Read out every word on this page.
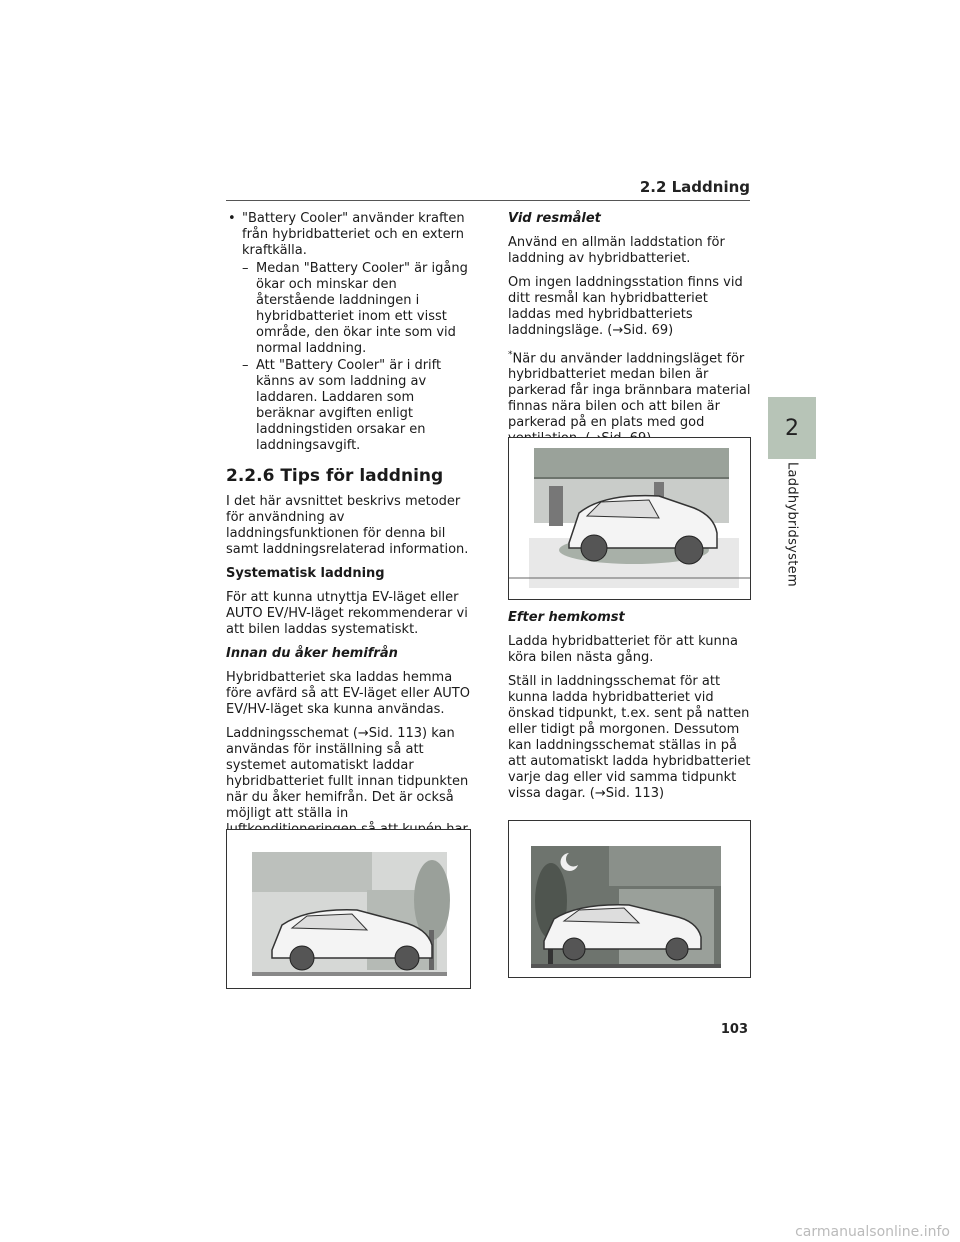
2.2 Laddning
2
Laddhybridsystem
• "Battery Cooler" använder kraften från hybridbatteriet och en extern kraftkälla.
– Medan "Battery Cooler" är igång ökar och minskar den återstående laddningen i hybridbatteriet inom ett visst område, den ökar inte som vid normal laddning.
– Att "Battery Cooler" är i drift känns av som laddning av laddaren. Laddaren som beräknar avgiften enligt laddningstiden orsakar en laddningsavgift.
2.2.6 Tips för laddning

I det här avsnittet beskrivs metoder för användning av laddningsfunktionen för denna bil samt laddningsrelaterad information.

Systematisk laddning

För att kunna utnyttja EV-läget eller AUTO EV/HV-läget rekommenderar vi att bilen laddas systematiskt.

Innan du åker hemifrån

Hybridbatteriet ska laddas hemma före avfärd så att EV-läget eller AUTO EV/HV-läget ska kunna användas.

Laddningsschemat (→Sid. 113) kan användas för inställning så att systemet automatiskt laddar hybridbatteriet fullt innan tidpunkten när du åker hemifrån. Det är också möjligt att ställa in

Vid resmålet

Använd en allmän laddstation för laddning av hybridbatteriet.

Om ingen laddningsstation finns vid ditt resmål kan hybridbatteriet laddas med hybridbatteriets laddningsläge. (→Sid. 69)

*När du använder laddningsläget för hybridbatteriet medan bilen är parkerad får inga brännbara material finnas nära bilen och att bilen är parkerad på en plats med god

Efter hemkomst

Ladda hybridbatteriet för att kunna köra bilen nästa gång.

Ställ in laddningsschemat för att kunna ladda hybridbatteriet vid önskad tidpunkt, t.ex. sent på natten eller tidigt på morgonen. Dessutom kan laddningsschemat ställas in på att automatiskt ladda hybridbatteriet varje dag eller vid samma tidpunkt vissa dagar. (→Sid. 113)

103
carmanualsonline.info
